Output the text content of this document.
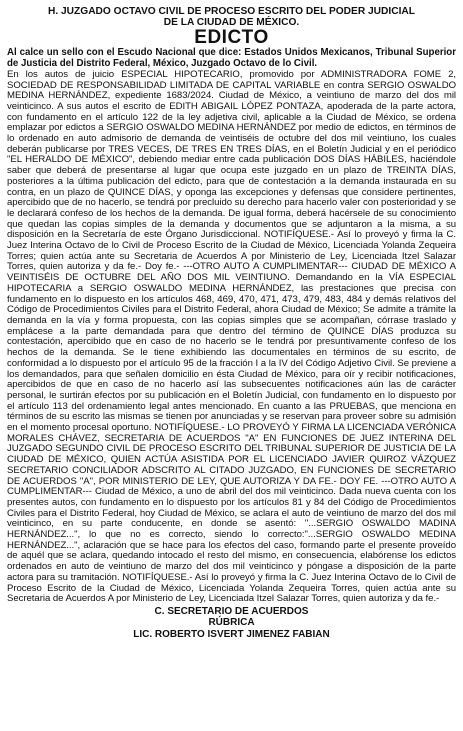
H. JUZGADO OCTAVO CIVIL DE PROCESO ESCRITO DEL PODER JUDICIAL

DE LA CIUDAD DE MÉXICO.

EDICTO

Al calce un sello con el Escudo Nacional que dice: Estados Unidos Mexicanos, Tribunal Superior de Justicia del Distrito Federal, México, Juzgado Octavo de lo Civil.

En los autos de juicio ESPECIAL HIPOTECARIO, promovido por ADMINISTRADORA FOME 2, SOCIEDAD DE RESPONSABILIDAD LIMITADA DE CAPITAL VARIABLE en contra SERGIO OSWALDO MEDINA HERNÁNDEZ, expediente 1683/2024. Ciudad de México, a veintiuno de marzo del dos mil veinticinco. A sus autos el escrito de EDITH ABIGAIL LÓPEZ PONTAZA, apoderada de la parte actora, con fundamento en el artículo 122 de la ley adjetiva civil, aplicable a la Ciudad de México, se ordena emplazar por edictos a SERGIO OSWALDO MEDINA HERNÁNDEZ por medio de edictos, en términos de lo ordenado en auto admisorio de demanda de veintiséis de octubre del dos mil veintiuno, los cuales deberán publicarse por TRES VECES, DE TRES EN TRES DÍAS, en el Boletín Judicial y en el periódico "EL HERALDO DE MÉXICO", debiendo mediar entre cada publicación DOS DÍAS HÁBILES, haciéndole saber que deberá de presentarse al lugar que ocupa este juzgado en un plazo de TREINTA DÍAS, posteriores a la última publicación del edicto, para que de contestación a la demanda instaurada en su contra, en un plazo de QUINCE DÍAS, y oponga las excepciones y defensas que considere pertinentes, apercibido que de no hacerlo, se tendrá por precluido su derecho para hacerlo valer con posterioridad y se le declarará confeso de los hechos de la demanda. De igual forma, deberá hacérsele de su conocimiento que quedan las copias simples de la demanda y documentos que se adjuntaron a la misma, a su disposición en la Secretaría de este Órgano Jurisdiccional. NOTIFÍQUESE.- Así lo proveyó y firma la C. Juez Interina Octavo de lo Civil de Proceso Escrito de la Ciudad de México, Licenciada Yolanda Zequeira Torres; quien actúa ante su Secretaria de Acuerdos A por Ministerio de Ley, Licenciada Itzel Salazar Torres, quien autoriza y da fe.- Doy fe.- ---OTRO AUTO A CUMPLIMENTAR--- CIUDAD DE MÉXICO A VEINTISÉIS DE OCTUBRE DEL AÑO DOS MIL VEINTIUNO. Demandando en la VÍA ESPECIAL HIPOTECARIA a SERGIO OSWALDO MEDINA HERNÁNDEZ, las prestaciones que precisa con fundamento en lo dispuesto en los artículos 468, 469, 470, 471, 473, 479, 483, 484 y demás relativos del Código de Procedimientos Civiles para el Distrito Federal, ahora Ciudad de México; Se admite a trámite la demanda en la vía y forma propuesta, con las copias simples que se acompañan, córrase traslado y emplácese a la parte demandada para que dentro del término de QUINCE DÍAS produzca su contestación, apercibido que en caso de no hacerlo se le tendrá por presuntivamente confeso de los hechos de la demanda. Se le tiene exhibiendo las documentales en términos de su escrito, de conformidad a lo dispuesto por el artículo 95 de la fracción I a la IV del Código Adjetivo Civil. Se previene a los demandados, para que señalen domicilio en ésta Ciudad de México, para oír y recibir notificaciones, apercibidos de que en caso de no hacerlo así las subsecuentes notificaciones aún las de carácter personal, le surtirán efectos por su publicación en el Boletín Judicial, con fundamento en lo dispuesto por el artículo 113 del ordenamiento legal antes mencionado. En cuanto a las PRUEBAS, que menciona en términos de su escrito las mismas se tienen por anunciadas y se reservan para proveer sobre su admisión en el momento procesal oportuno. NOTIFÍQUESE.- LO PROVEYÓ Y FIRMA LA LICENCIADA VERÓNICA MORALES CHÁVEZ, SECRETARIA DE ACUERDOS "A" EN FUNCIONES DE JUEZ INTERINA DEL JUZGADO SEGUNDO CIVIL DE PROCESO ESCRITO DEL TRIBUNAL SUPERIOR DE JUSTICIA DE LA CIUDAD DE MÉXICO, QUIEN ACTÚA ASISTIDA POR EL LICENCIADO JAVIER QUIROZ VÁZQUEZ SECRETARIO CONCILIADOR ADSCRITO AL CITADO JUZGADO, EN FUNCIONES DE SECRETARIO DE ACUERDOS "A", POR MINISTERIO DE LEY, QUE AUTORIZA Y DA FE.- DOY FE. ---OTRO AUTO A CUMPLIMENTAR--- Ciudad de México, a uno de abril del dos mil veinticinco. Dada nueva cuenta con los presentes autos, con fundamento en lo dispuesto por los artículos 81 y 84 del Código de Procedimientos Civiles para el Distrito Federal, hoy Ciudad de México, se aclara el auto de veintiuno de marzo del dos mil veinticinco, en su parte conducente, en donde se asentó: "...SERGIO OSWALDO MADINA HERNÁNDEZ...", lo que no es correcto, siendo lo correcto:"...SERGIO OSWALDO MEDINA HERNÁNDEZ...", aclaración que se hace para los efectos del caso, formando parte el presente proveído de aquél que se aclara, quedando intocado el resto del mismo, en consecuencia, elabórense los edictos ordenados en auto de veintiuno de marzo del dos mil veinticinco y póngase a disposición de la parte actora para su tramitación. NOTIFÍQUESE.- Así lo proveyó y firma la C. Juez Interina Octavo de lo Civil de Proceso Escrito de la Ciudad de México, Licenciada Yolanda Zequeira Torres, quien actúa ante su Secretaria de Acuerdos A por Ministerio de Ley, Licenciada Itzel Salazar Torres, quien autoriza y da fe.-

C. SECRETARIO DE ACUERDOS

RÚBRICA

LIC. ROBERTO ISVERT JIMENEZ FABIAN
